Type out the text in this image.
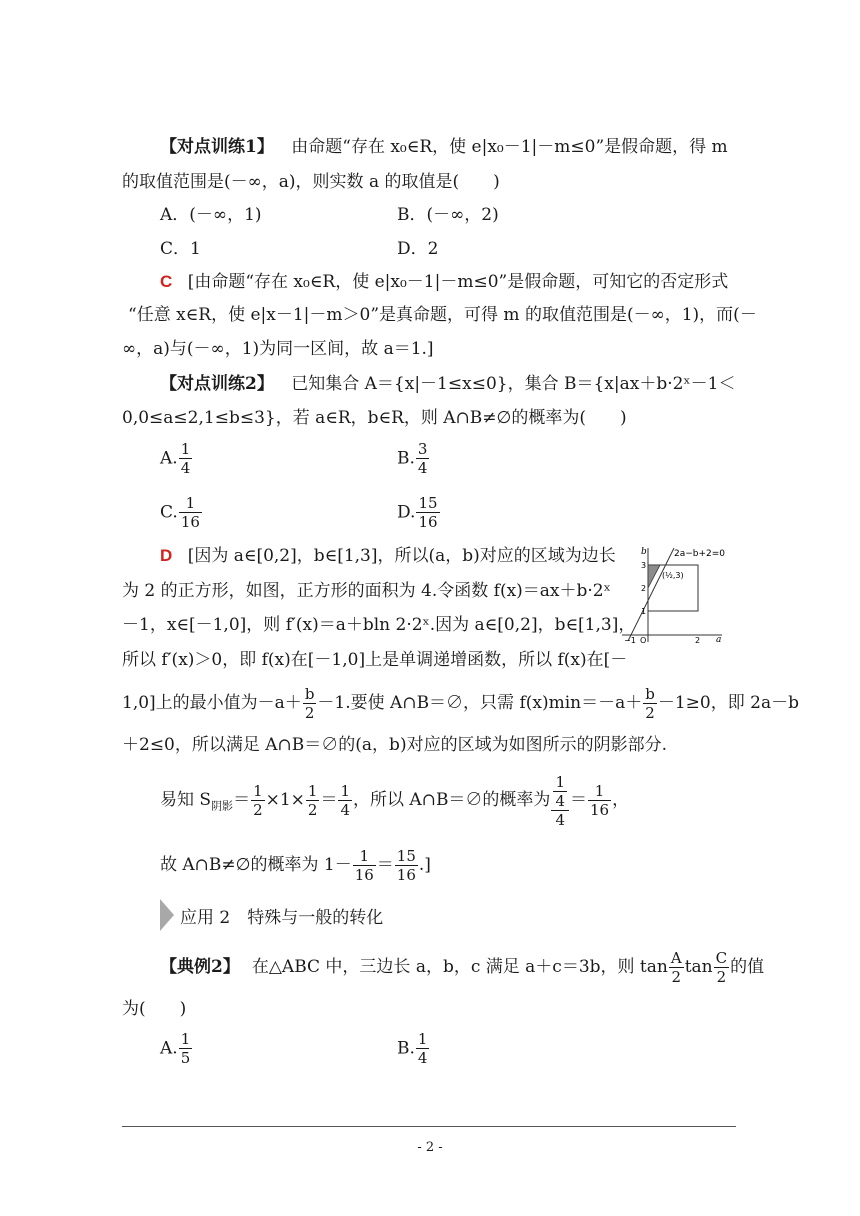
【对点训练1】 由命题“存在 x₀∈R，使 e|x₀－1|－m≤0”是假命题，得 m
的取值范围是(－∞，a)，则实数 a 的取值是(　　)
A．(－∞，1)	B．(－∞，2)
C．1	D．2
C [由命题“存在 x₀∈R，使 e|x₀－1|－m≤0”是假命题，可知它的否定形式
“任意 x∈R，使 e|x－1|－m＞0”是真命题，可得 m 的取值范围是(－∞，1)，而(－
∞，a)与(－∞，1)为同一区间，故 a＝1.]
【对点训练2】 已知集合 A＝{x|－1≤x≤0}，集合 B＝{x|ax＋b·2ˣ－1＜
0,0≤a≤2,1≤b≤3}，若 a∈R，b∈R，则 A∩B≠∅的概率为(　　)
A. $\frac{1}{4}$	B. $\frac{3}{4}$
C. $\frac{1}{16}$	D. $\frac{15}{16}$
D [因为 a∈[0,2]，b∈[1,3]，所以(a，b)对应的区域为边长
为 2 的正方形，如图，正方形的面积为 4.令函数 f(x)＝ax＋b·2ˣ
－1，x∈[－1,0]，则 f′(x)＝a＋bln 2·2ˣ.因为 a∈[0,2]，b∈[1,3]，
所以 f′(x)＞0，即 f(x)在[－1,0]上是单调递增函数，所以 f(x)在[－
2a−b+2=0
(½,3)
b
a
3
2
1
−1 O	2
1,0]上的最小值为$-a+ \frac{b}{2} -1$.要使 A∩B＝∅，只需 $f(x)\min=-a+ \frac{b}{2} -1\ge 0$，即 2a－b
＋2≤0，所以满足 A∩B＝∅的(a，b)对应的区域为如图所示的阴影部分.
易知 $S_{阴影}= \frac{1}{2} \times 1\times \frac{1}{2} = \frac{1}{4}$ ，所以 A∩B＝∅的概率为 $\frac{\frac{1}{4}}{4} = \frac{1}{16}$ ，
故 A∩B≠∅的概率为 $1- \frac{1}{16} = \frac{15}{16}$ .]
应用 2　特殊与一般的转化
【典例2】 在△ABC 中，三边长 a，b，c 满足 a＋c＝3b，则 $\tan \frac{A}{2}$ $\tan \frac{C}{2}$ 的值
为(　　)
A. $\frac{1}{5}$	B. $\frac{1}{4}$
- 2 -
